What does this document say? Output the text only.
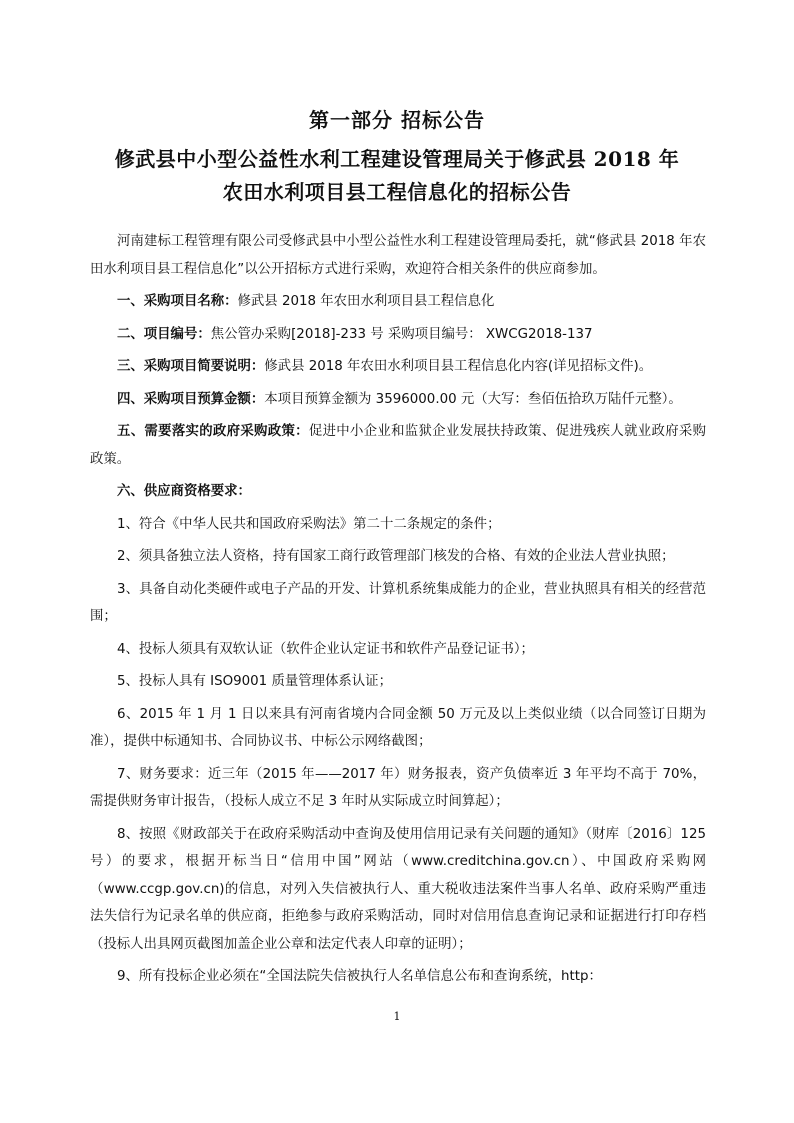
第一部分 招标公告
修武县中小型公益性水利工程建设管理局关于修武县 2018 年
农田水利项目县工程信息化的招标公告

河南建标工程管理有限公司受修武县中小型公益性水利工程建设管理局委托，就“修武县 2018 年农田水利项目县工程信息化”以公开招标方式进行采购，欢迎符合相关条件的供应商参加。

一、采购项目名称：修武县 2018 年农田水利项目县工程信息化

二、项目编号：焦公管办采购[2018]-233 号 采购项目编号： XWCG2018-137

三、采购项目简要说明：修武县 2018 年农田水利项目县工程信息化内容(详见招标文件)。

四、采购项目预算金额：本项目预算金额为 3596000.00 元（大写：叁佰伍拾玖万陆仟元整）。

五、需要落实的政府采购政策：促进中小企业和监狱企业发展扶持政策、促进残疾人就业政府采购政策。

六、供应商资格要求：

1、符合《中华人民共和国政府采购法》第二十二条规定的条件；

2、须具备独立法人资格，持有国家工商行政管理部门核发的合格、有效的企业法人营业执照；

3、具备自动化类硬件或电子产品的开发、计算机系统集成能力的企业，营业执照具有相关的经营范围；

4、投标人须具有双软认证（软件企业认定证书和软件产品登记证书）；

5、投标人具有 ISO9001 质量管理体系认证；

6、2015 年 1 月 1 日以来具有河南省境内合同金额 50 万元及以上类似业绩（以合同签订日期为准），提供中标通知书、合同协议书、中标公示网络截图；

7、财务要求：近三年（2015 年——2017 年）财务报表，资产负债率近 3 年平均不高于 70%，需提供财务审计报告，（投标人成立不足 3 年时从实际成立时间算起）；

8、按照《财政部关于在政府采购活动中查询及使用信用记录有关问题的通知》（财库〔2016〕125 号）的要求，根据开标当日“信用中国”网站（www.creditchina.gov.cn）、中国政府采购网（www.ccgp.gov.cn)的信息，对列入失信被执行人、重大税收违法案件当事人名单、政府采购严重违法失信行为记录名单的供应商，拒绝参与政府采购活动，同时对信用信息查询记录和证据进行打印存档（投标人出具网页截图加盖企业公章和法定代表人印章的证明）；

9、所有投标企业必须在“全国法院失信被执行人名单信息公布和查询系统，http：

1
